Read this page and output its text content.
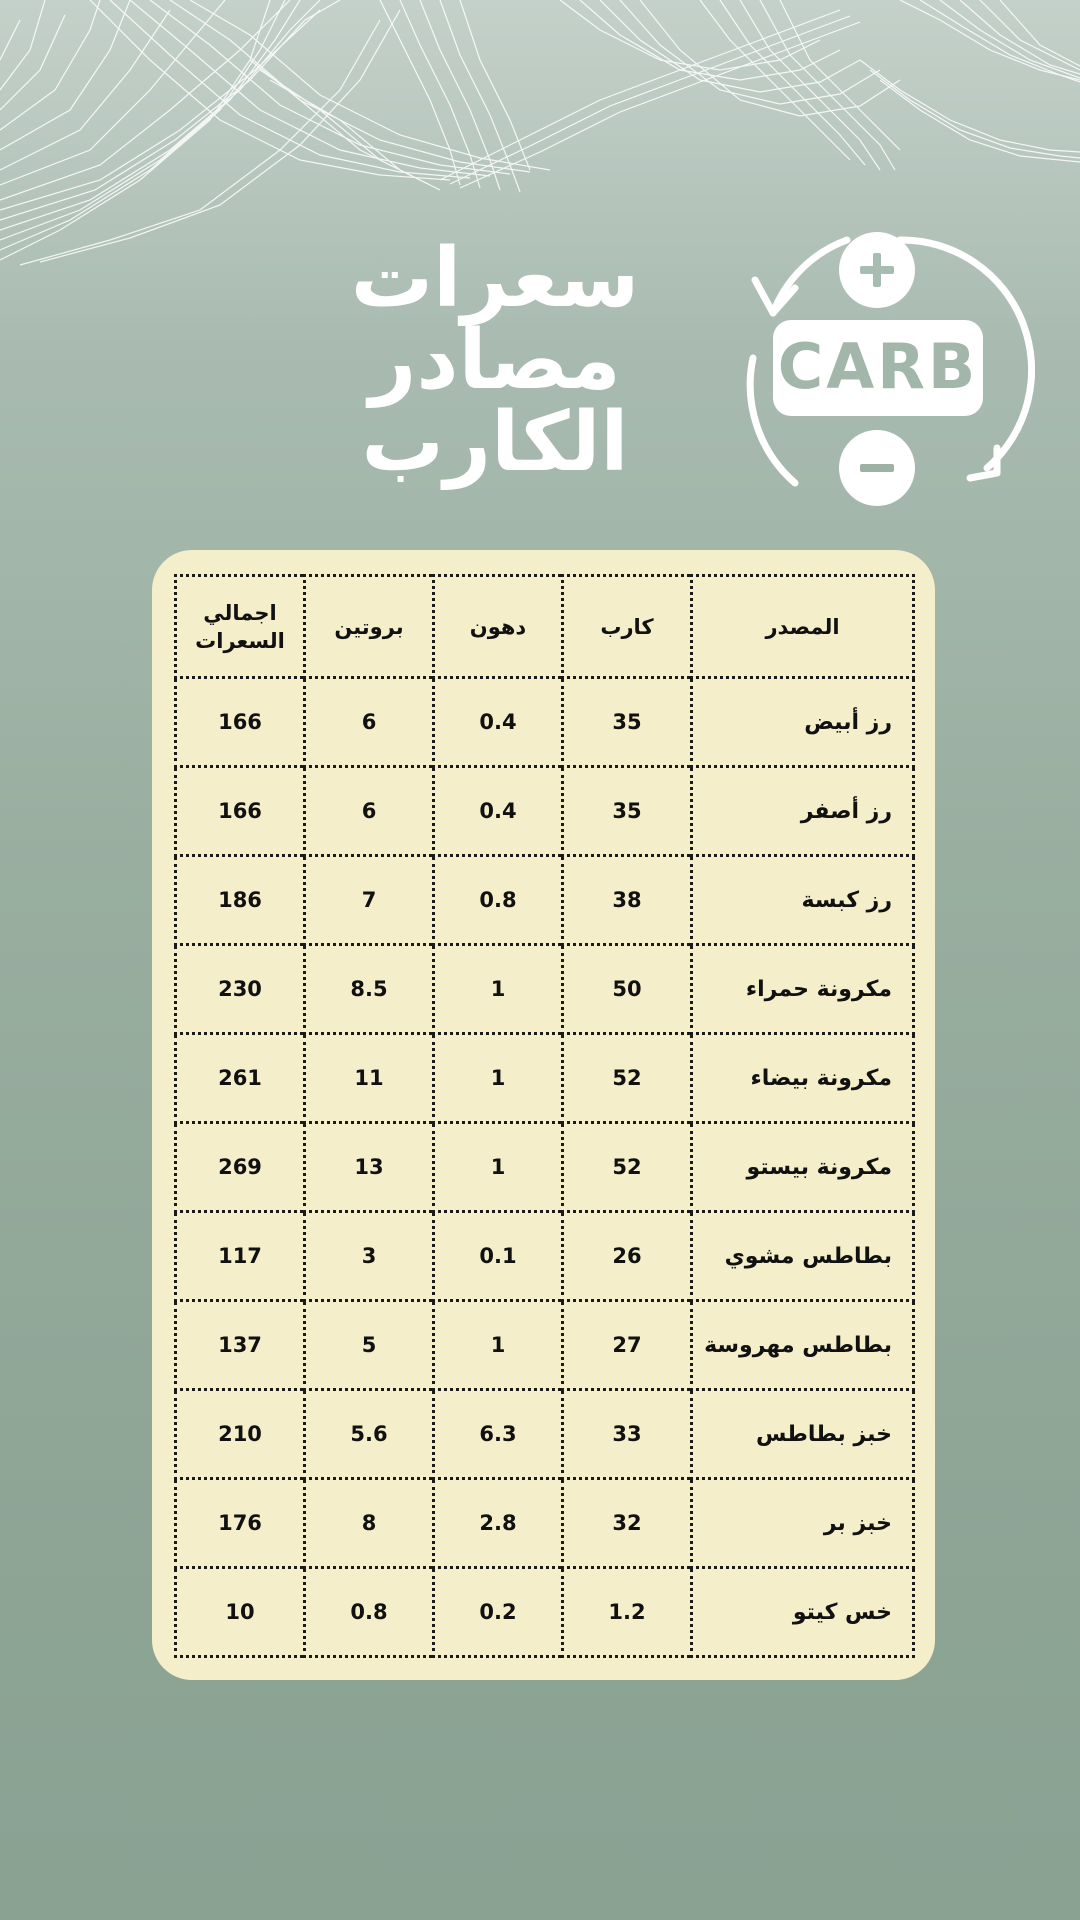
سعرات
مصادر
الكارب
CARB
المصدر	كارب	دهون	بروتين	اجمالي
السعرات

رز أبيض	35	0.4	6	166
رز أصفر	35	0.4	6	166
رز كبسة	38	0.8	7	186
مكرونة حمراء	50	1	8.5	230
مكرونة بيضاء	52	1	11	261
مكرونة بيستو	52	1	13	269
بطاطس مشوي	26	0.1	3	117
بطاطس مهروسة	27	1	5	137
خبز بطاطس	33	6.3	5.6	210
خبز بر	32	2.8	8	176
خس كيتو	1.2	0.2	0.8	10
